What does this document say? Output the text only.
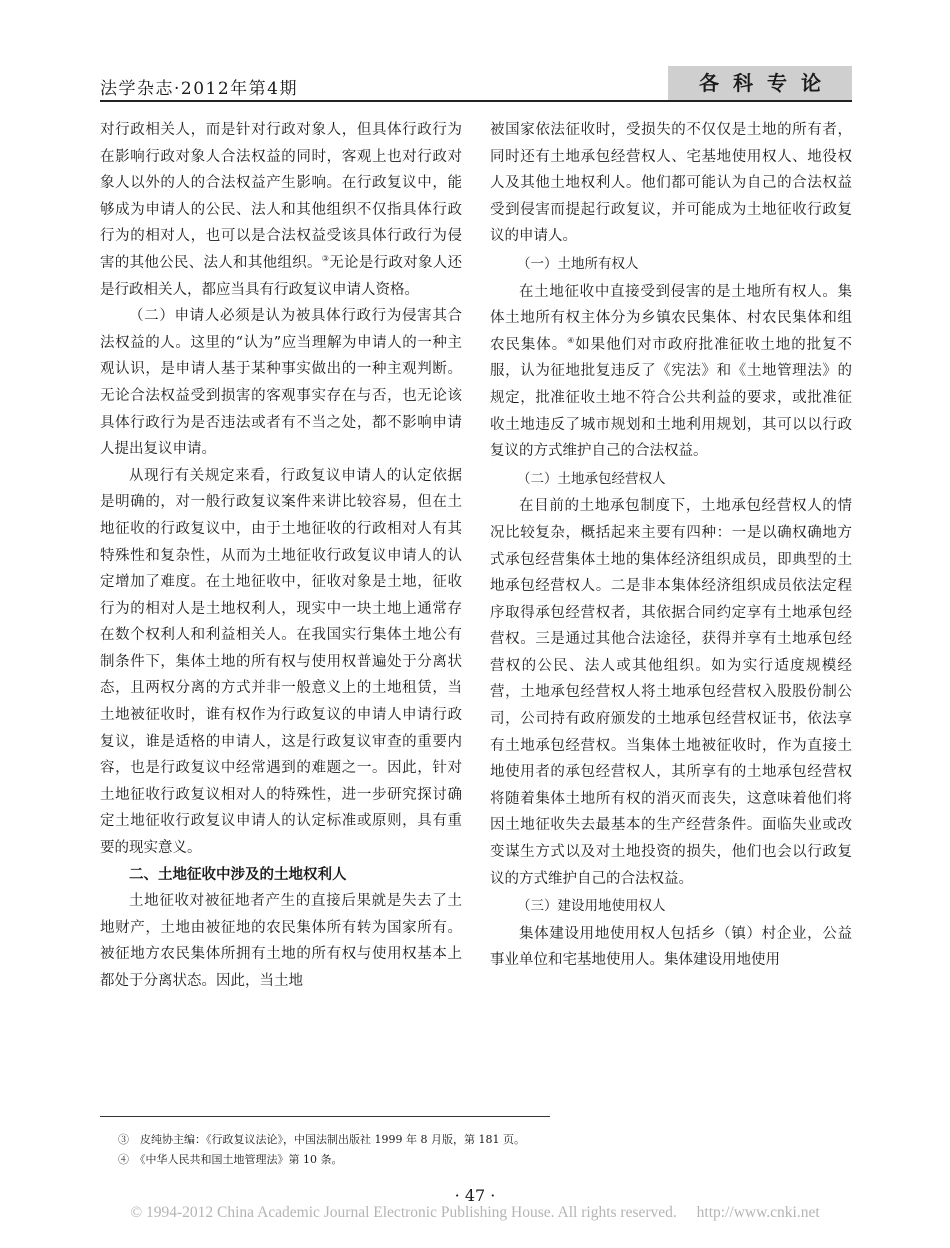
法学杂志·2012年第4期	各科专论

对行政相关人，而是针对行政对象人，但具体行政行为在影响行政对象人合法权益的同时，客观上也对行政对象人以外的人的合法权益产生影响。在行政复议中，能够成为申请人的公民、法人和其他组织不仅指具体行政行为的相对人，也可以是合法权益受该具体行政行为侵害的其他公民、法人和其他组织。③无论是行政对象人还是行政相关人，都应当具有行政复议申请人资格。

（二）申请人必须是认为被具体行政行为侵害其合法权益的人。这里的“认为”应当理解为申请人的一种主观认识，是申请人基于某种事实做出的一种主观判断。无论合法权益受到损害的客观事实存在与否，也无论该具体行政行为是否违法或者有不当之处，都不影响申请人提出复议申请。

从现行有关规定来看，行政复议申请人的认定依据是明确的，对一般行政复议案件来讲比较容易，但在土地征收的行政复议中，由于土地征收的行政相对人有其特殊性和复杂性，从而为土地征收行政复议申请人的认定增加了难度。在土地征收中，征收对象是土地，征收行为的相对人是土地权利人，现实中一块土地上通常存在数个权利人和利益相关人。在我国实行集体土地公有制条件下，集体土地的所有权与使用权普遍处于分离状态，且两权分离的方式并非一般意义上的土地租赁，当土地被征收时，谁有权作为行政复议的申请人申请行政复议，谁是适格的申请人，这是行政复议审查的重要内容，也是行政复议中经常遇到的难题之一。因此，针对土地征收行政复议相对人的特殊性，进一步研究探讨确定土地征收行政复议申请人的认定标准或原则，具有重要的现实意义。

二、土地征收中涉及的土地权利人

土地征收对被征地者产生的直接后果就是失去了土地财产，土地由被征地的农民集体所有转为国家所有。被征地方农民集体所拥有土地的所有权与使用权基本上都处于分离状态。因此，当土地

被国家依法征收时，受损失的不仅仅是土地的所有者，同时还有土地承包经营权人、宅基地使用权人、地役权人及其他土地权利人。他们都可能认为自己的合法权益受到侵害而提起行政复议，并可能成为土地征收行政复议的申请人。

（一）土地所有权人

在土地征收中直接受到侵害的是土地所有权人。集体土地所有权主体分为乡镇农民集体、村农民集体和组农民集体。④如果他们对市政府批准征收土地的批复不服，认为征地批复违反了《宪法》和《土地管理法》的规定，批准征收土地不符合公共利益的要求，或批准征收土地违反了城市规划和土地利用规划，其可以以行政复议的方式维护自己的合法权益。

（二）土地承包经营权人

在目前的土地承包制度下，土地承包经营权人的情况比较复杂，概括起来主要有四种：一是以确权确地方式承包经营集体土地的集体经济组织成员，即典型的土地承包经营权人。二是非本集体经济组织成员依法定程序取得承包经营权者，其依据合同约定享有土地承包经营权。三是通过其他合法途径，获得并享有土地承包经营权的公民、法人或其他组织。如为实行适度规模经营，土地承包经营权人将土地承包经营权入股股份制公司，公司持有政府颁发的土地承包经营权证书，依法享有土地承包经营权。当集体土地被征收时，作为直接土地使用者的承包经营权人，其所享有的土地承包经营权将随着集体土地所有权的消灭而丧失，这意味着他们将因土地征收失去最基本的生产经营条件。面临失业或改变谋生方式以及对土地投资的损失，他们也会以行政复议的方式维护自己的合法权益。

（三）建设用地使用权人

集体建设用地使用权人包括乡（镇）村企业，公益事业单位和宅基地使用人。集体建设用地使用

③　皮纯协主编：《行政复议法论》，中国法制出版社 1999 年 8 月版，第 181 页。
④　《中华人民共和国土地管理法》第 10 条。
· 47 ·
© 1994-2012 China Academic Journal Electronic Publishing House. All rights reserved. http://www.cnki.net
